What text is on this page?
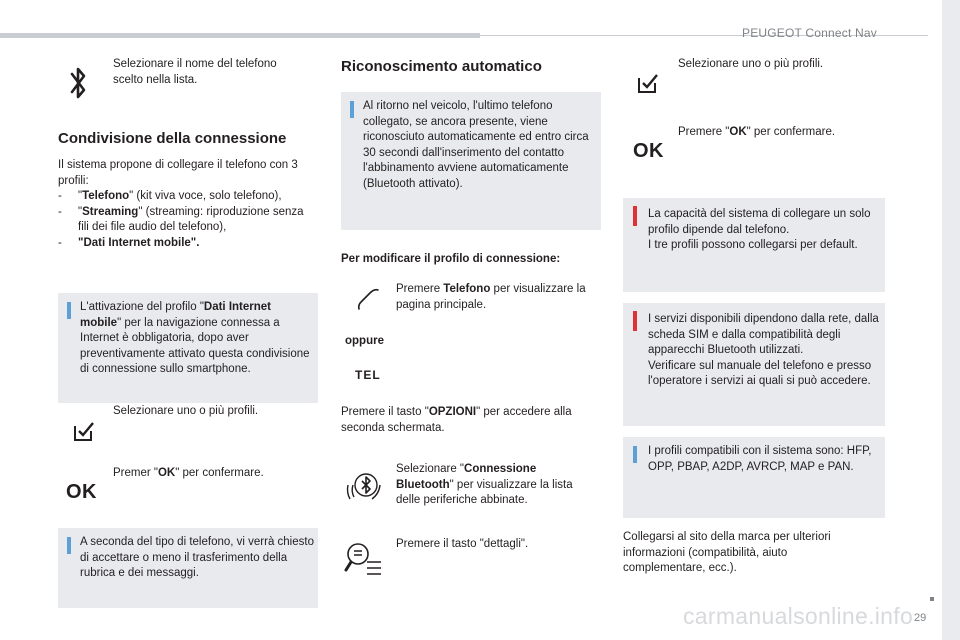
PEUGEOT Connect Nav
29
Selezionare il nome del telefono scelto nella lista.
Condivisione della connessione
Il sistema propone di collegare il telefono con 3 profili:
-	"Telefono" (kit viva voce, solo telefono),
-	"Streaming" (streaming: riproduzione senza fili dei file audio del telefono),
-	"Dati Internet mobile".
L'attivazione del profilo "Dati Internet mobile" per la navigazione connessa a Internet è obbligatoria, dopo aver preventivamente attivato questa condivisione di connessione sullo smartphone.
Selezionare uno o più profili.
OK
Premer "OK" per confermare.
A seconda del tipo di telefono, vi verrà chiesto di accettare o meno il trasferimento della rubrica e dei messaggi.
Riconoscimento automatico
Al ritorno nel veicolo, l'ultimo telefono collegato, se ancora presente, viene riconosciuto automaticamente ed entro circa 30 secondi dall'inserimento del contatto l'abbinamento avviene automaticamente (Bluetooth attivato).
Per modificare il profilo di connessione:
Premere Telefono per visualizzare la pagina principale.
oppure
TEL
Premere il tasto "OPZIONI" per accedere alla seconda schermata.
Selezionare "Connessione Bluetooth" per visualizzare la lista delle periferiche abbinate.
Premere il tasto "dettagli".
Selezionare uno o più profili.
OK
Premere "OK" per confermare.
La capacità del sistema di collegare un solo profilo dipende dal telefono.
I tre profili possono collegarsi per default.
I servizi disponibili dipendono dalla rete, dalla scheda SIM e dalla compatibilità degli apparecchi Bluetooth utilizzati.
Verificare sul manuale del telefono e presso l'operatore i servizi ai quali si può accedere.
I profili compatibili con il sistema sono: HFP, OPP, PBAP, A2DP, AVRCP, MAP e PAN.
Collegarsi al sito della marca per ulteriori informazioni (compatibilità, aiuto complementare, ecc.).
carmanualsonline.info
